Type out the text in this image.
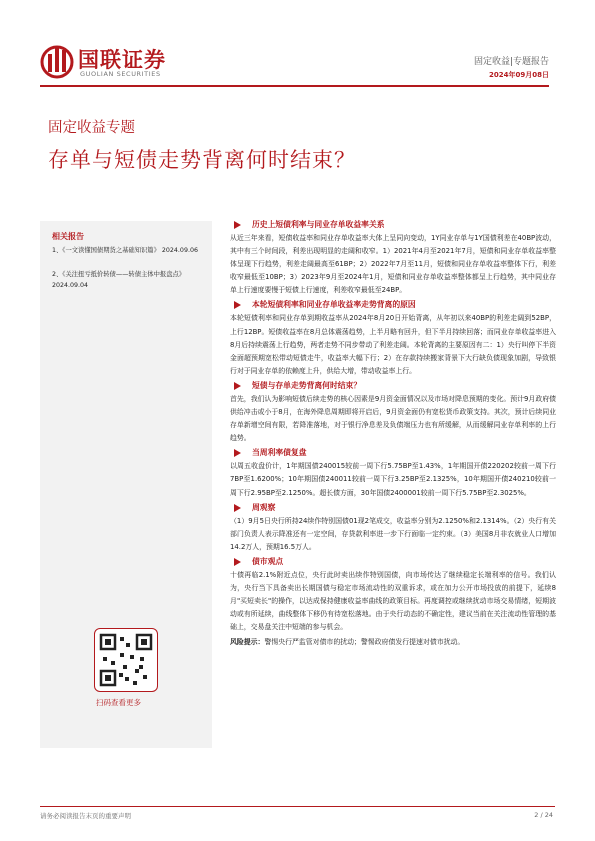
国联证券
GUOLIAN SECURITIES
固定收益|专题报告
2024年09月08日
固定收益专题
存单与短债走势背离何时结束？
相关报告
1、《一文读懂国债期货之基础知识篇》 2024.09.06
2、《关注扭亏抵价转债——转债主体中报盘点》2024.09.04
扫码查看更多
历史上短债利率与同业存单收益率关系

从近三年来看，短债收益率和同业存单收益率大体上呈同向变动，1Y同业存单与1Y国债利差在40BP波动，其中有三个时间段，利差出现明显的走阔和收窄。1）2021年4月至2021年7月，短债和同业存单收益率整体呈现下行趋势，利差走阔最高至61BP；2）2022年7月至11月，短债和同业存单收益率整体下行，利差收窄最低至10BP；3）2023年9月至2024年1月，短债和同业存单收益率整体都呈上行趋势，其中同业存单上行速度要慢于短债上行速度，利差收窄最低至24BP。

本轮短债利率和同业存单收益率走势背离的原因

本轮短债利率和同业存单到期收益率从2024年8月20日开始背离，从年初以来40BP的利差走阔到52BP，上行12BP。短债收益率在8月总体震荡趋势，上半月略有回升，但下半月持续回落；而同业存单收益率进入8月后持续震荡上行趋势，两者走势不同步带动了利差走阔。本轮背离的主要原因有二：1）央行叫停下半资金面超预期宽松带动短债走牛，收益率大幅下行；2）在存款持续搬家背景下大行缺负债现象加剧，导致银行对于同业存单的依赖度上升，供给大增，带动收益率上行。

短债与存单走势背离何时结束？

首先，我们认为影响短债后续走势的核心因素是9月资金面情况以及市场对降息预期的变化。预计9月政府债供给冲击或小于8月，在海外降息周期即将开启后，9月资金面仍有宽松货币政策支持。其次，预计后续同业存单新增空间有限，若降准落地，对于银行净息差及负债端压力也有所缓解，从而缓解同业存单利率的上行趋势。

当周利率债复盘

以周五收盘价计，1年期国债240015较前一周下行5.75BP至1.43%，1年期国开债220202较前一周下行7BP至1.6200%；10年期国债240011较前一周下行3.25BP至2.1325%，10年期国开债240210较前一周下行2.95BP至2.1250%。超长债方面，30年国债2400001较前一周下行5.75BP至2.3025%。

周观察

（1）9月5日央行所持24续作特别国债01现2笔成交，收益率分别为2.1250%和2.1314%。（2）央行有关部门负责人表示降准还有一定空间，存贷款利率进一步下行面临一定约束。（3）美国8月非农就业人口增加14.2万人，预期16.5万人。

债市观点

十债再临2.1%附近点位，央行此时卖出续作特别国债，向市场传达了继续稳定长端利率的信号。我们认为，央行当下具备卖出长期国债与稳定市场流动性的双重诉求，或在加力公开市场投放的前提下，延续8月"买短卖长"的操作，以达成保持健康收益率曲线的政策目标。再度调控或继续扰动市场交易情绪，短期波动或有所延续，曲线整体下移仍有待宽松落地。由于央行动态的不确定性，建议当前在关注流动性管理的基础上，交易盘关注中短端的参与机会。

风险提示：警惕央行严监管对债市的扰动；警惕政府债发行提速对债市扰动。
请务必阅读报告末页的重要声明	2 / 24
